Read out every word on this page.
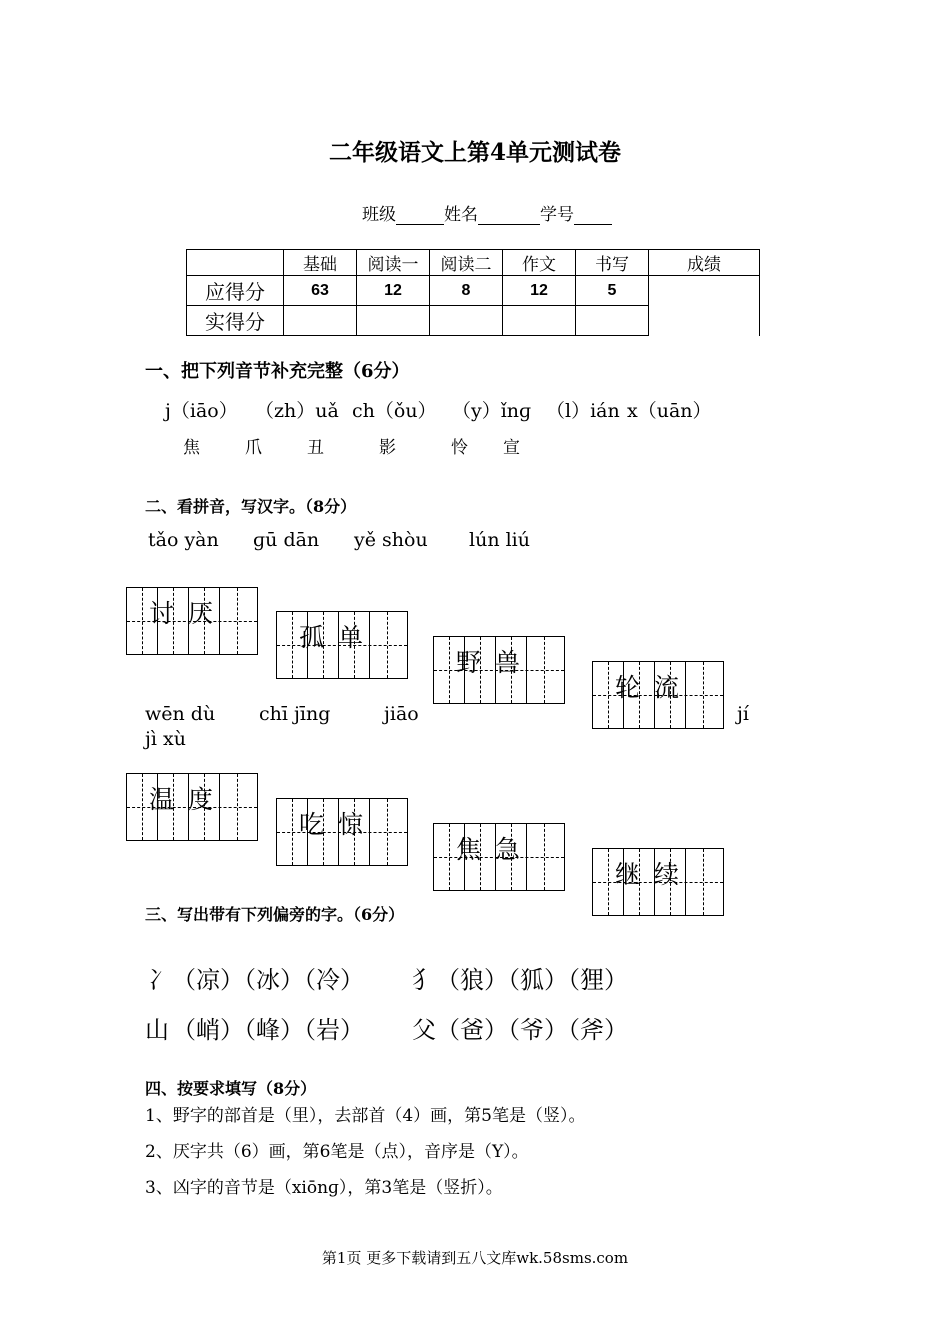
二年级语文上第4单元测试卷
班级	姓名	学号
	基础	阅读一	阅读二	作文	书写	成绩
应得分	63	12	8	12	5	
实得分						
一、把下列音节补充完整（6分）
j（iāo） （zh）uǎ ch（ǒu） （y）ǐnɡ （l）ián x（uān）
焦	爪	丑	影	怜 宣
二、看拼音，写汉字。（8分）
tǎo yàn ɡū dān yě shòu lún liú
讨厌
孤单
野兽
轮流
wēn dù chī jīng	jiāo	jí
jì xù
温度
吃惊
焦急
继续
三、写出带有下列偏旁的字。（6分）
冫 （凉）（冰）（冷） 犭 （狼）（狐）（狸）
山 （峭）（峰）（岩） 父 （爸）（爷）（斧）
四、按要求填写（8分）
1、野字的部首是（里），去部首（4）画，第5笔是（竖）。
2、厌字共（6）画，第6笔是（点），音序是（Y）。
3、凶字的音节是（xiōnɡ），第3笔是（竖折）。
第1页 更多下载请到五八文库wk.58sms.com
